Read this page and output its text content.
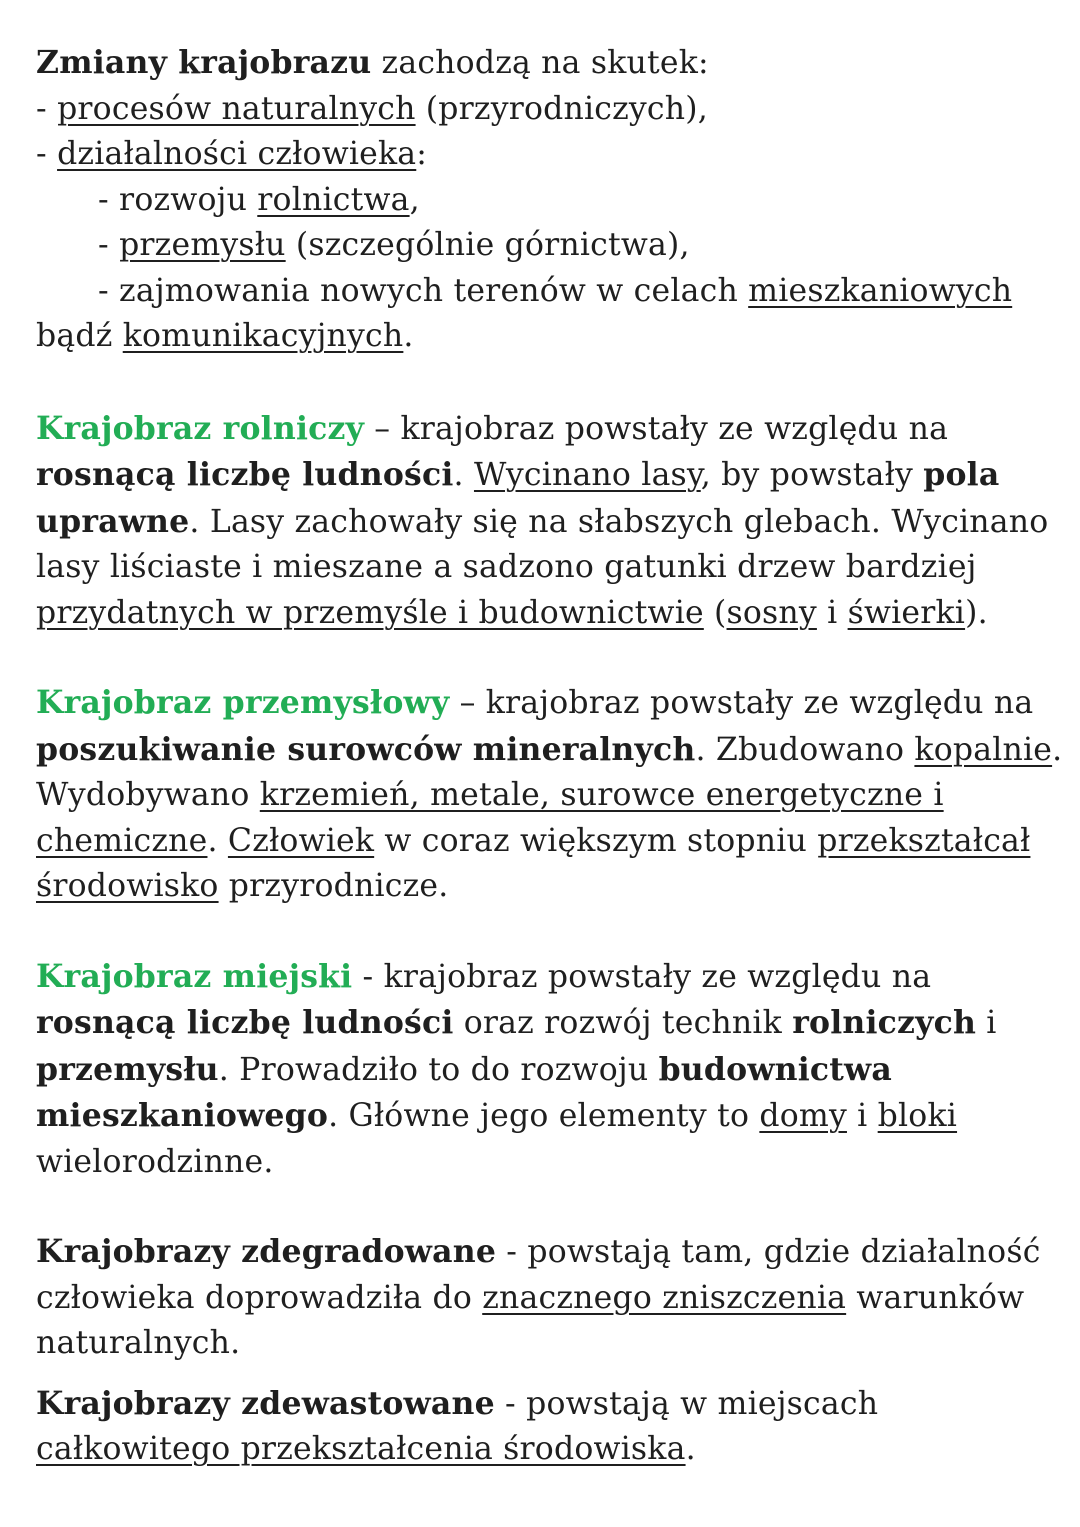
Zmiany krajobrazu zachodzą na skutek:
- procesów naturalnych (przyrodniczych),
- działalności człowieka:
- rozwoju rolnictwa,
- przemysłu (szczególnie górnictwa),
- zajmowania nowych terenów w celach mieszkaniowych
bądź komunikacyjnych.
Krajobraz rolniczy – krajobraz powstały ze względu na
rosnącą liczbę ludności. Wycinano lasy, by powstały pola
uprawne. Lasy zachowały się na słabszych glebach. Wycinano
lasy liściaste i mieszane a sadzono gatunki drzew bardziej
przydatnych w przemyśle i budownictwie (sosny i świerki).
Krajobraz przemysłowy – krajobraz powstały ze względu na
poszukiwanie surowców mineralnych. Zbudowano kopalnie.
Wydobywano krzemień, metale, surowce energetyczne i
chemiczne. Człowiek w coraz większym stopniu przekształcał
środowisko przyrodnicze.
Krajobraz miejski - krajobraz powstały ze względu na
rosnącą liczbę ludności oraz rozwój technik rolniczych i
przemysłu. Prowadziło to do rozwoju budownictwa
mieszkaniowego. Główne jego elementy to domy i bloki
wielorodzinne.
Krajobrazy zdegradowane - powstają tam, gdzie działalność
człowieka doprowadziła do znacznego zniszczenia warunków
naturalnych.
Krajobrazy zdewastowane - powstają w miejscach
całkowitego przekształcenia środowiska.
